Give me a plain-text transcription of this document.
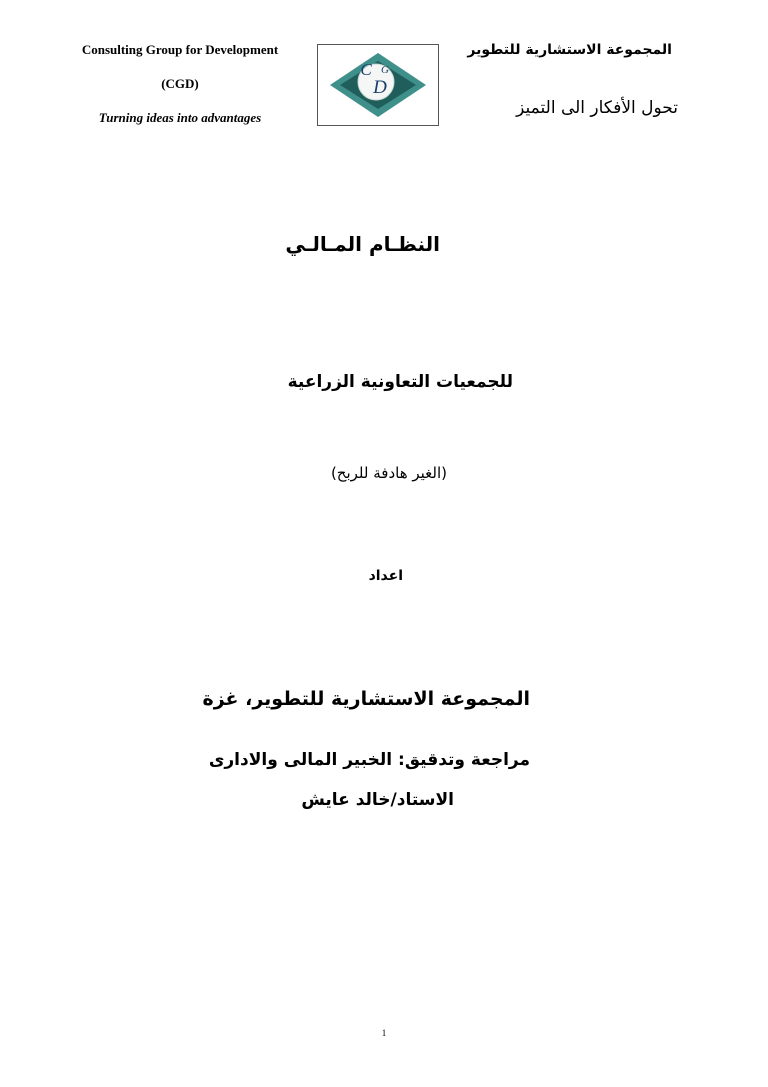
Consulting Group for Development
(CGD)
Turning ideas into advantages
C G
D
المجموعة الاستشارية للتطوير
تحول الأفكار الى التميز
النظـام المـالـي
للجمعيات التعاونية الزراعية
(الغير هادفة للربح)
اعداد
المجموعة الاستشارية للتطوير، غزة
مراجعة وتدقيق: الخبير المالى والادارى
الاستاد/خالد عايش
1
